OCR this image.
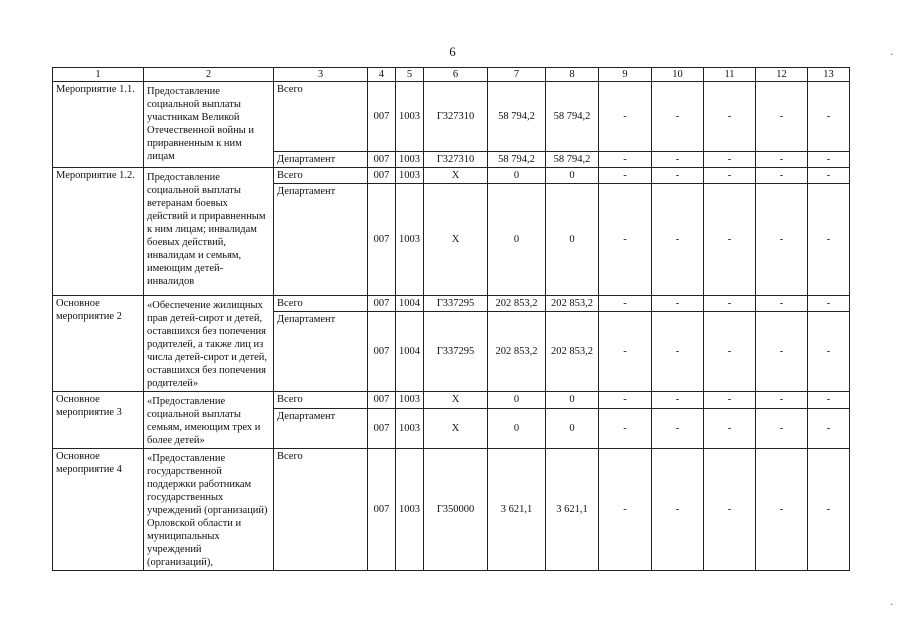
6
1	2	3	4	5	6	7	8	9	10	11	12	13
Мероприятие 1.1.	Предоставление социальной выплаты участникам Великой Отечественной войны и приравненным к ним лицам	Всего	007	1003	Г327310	58 794,2	58 794,2	-	-	-	-	-
		Департамент	007	1003	Г327310	58 794,2	58 794,2	-	-	-	-	-
Мероприятие 1.2.	Предоставление социальной выплаты ветеранам боевых действий и приравненным к ним лицам; инвалидам боевых действий, инвалидам и семьям, имеющим детей-инвалидов	Всего	007	1003	Х	0	0	-	-	-	-	-
		Департамент	007	1003	Х	0	0	-	-	-	-	-
Основное мероприятие 2	«Обеспечение жилищных прав детей-сирот и детей, оставшихся без попечения родителей, а также лиц из числа детей-сирот и детей, оставшихся без попечения родителей»	Всего	007	1004	Г337295	202 853,2	202 853,2	-	-	-	-	-
		Департамент	007	1004	Г337295	202 853,2	202 853,2	-	-	-	-	-
Основное мероприятие 3	«Предоставление социальной выплаты семьям, имеющим трех и более детей»	Всего	007	1003	Х	0	0	-	-	-	-	-
		Департамент	007	1003	Х	0	0	-	-	-	-	-
Основное мероприятие 4	«Предоставление государственной поддержки работникам государственных учреждений (организаций) Орловской области и муниципальных учреждений (организаций),	Всего	007	1003	Г350000	3 621,1	3 621,1	-	-	-	-	-
·
·
